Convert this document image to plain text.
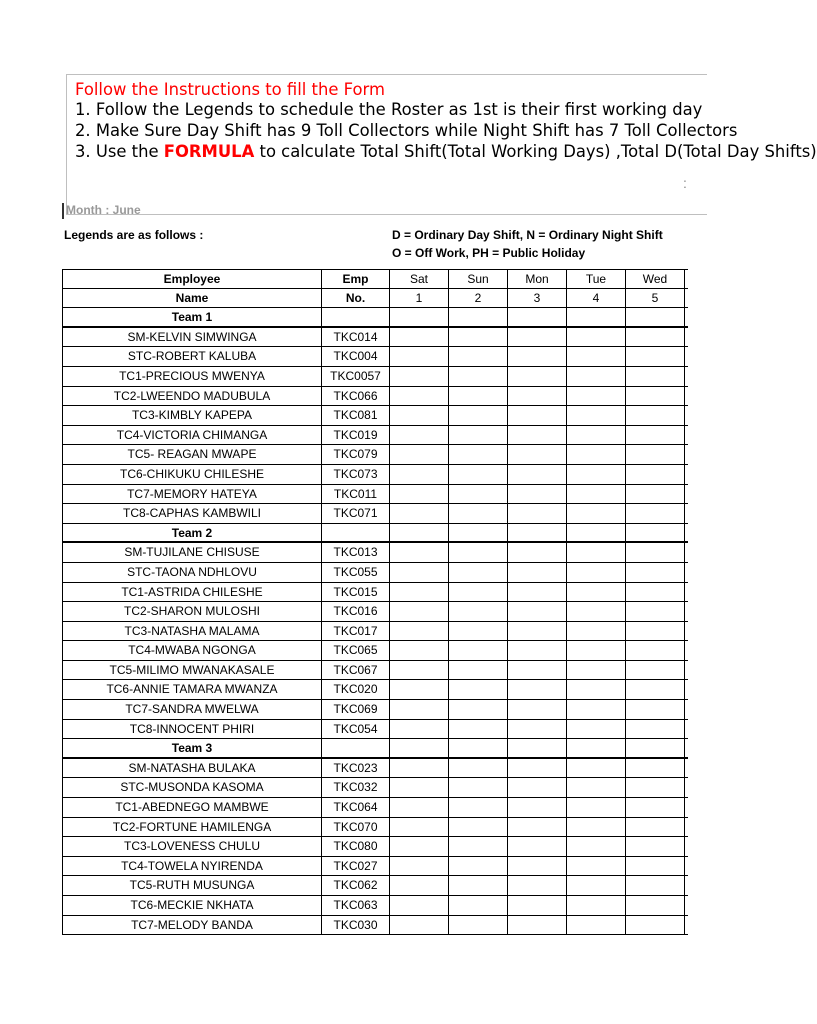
Follow the Instructions to fill the Form
1. Follow the Legends to schedule the Roster as 1st is their first working day
2. Make Sure Day Shift has 9 Toll Collectors while Night Shift has 7 Toll Collectors
3. Use the FORMULA to calculate Total Shift(Total Working Days) ,Total D(Total Day Shifts)
:
Month : June
Legends are as follows :	D = Ordinary Day Shift, N = Ordinary Night Shift
O = Off Work, PH = Public Holiday
Employee	Emp	Sat	Sun	Mon	Tue	Wed
Name	No.	1	2	3	4	5
Team 1
SM-KELVIN SIMWINGA	TKC014
STC-ROBERT KALUBA	TKC004
TC1-PRECIOUS MWENYA	TKC0057
TC2-LWEENDO MADUBULA	TKC066
TC3-KIMBLY KAPEPA	TKC081
TC4-VICTORIA CHIMANGA	TKC019
TC5- REAGAN MWAPE	TKC079
TC6-CHIKUKU CHILESHE	TKC073
TC7-MEMORY HATEYA	TKC011
TC8-CAPHAS KAMBWILI	TKC071
Team 2
SM-TUJILANE CHISUSE	TKC013
STC-TAONA NDHLOVU	TKC055
TC1-ASTRIDA CHILESHE	TKC015
TC2-SHARON MULOSHI	TKC016
TC3-NATASHA MALAMA	TKC017
TC4-MWABA NGONGA	TKC065
TC5-MILIMO MWANAKASALE	TKC067
TC6-ANNIE TAMARA MWANZA	TKC020
TC7-SANDRA MWELWA	TKC069
TC8-INNOCENT PHIRI	TKC054
Team 3
SM-NATASHA BULAKA	TKC023
STC-MUSONDA KASOMA	TKC032
TC1-ABEDNEGO MAMBWE	TKC064
TC2-FORTUNE HAMILENGA	TKC070
TC3-LOVENESS CHULU	TKC080
TC4-TOWELA NYIRENDA	TKC027
TC5-RUTH MUSUNGA	TKC062
TC6-MECKIE NKHATA	TKC063
TC7-MELODY BANDA	TKC030
